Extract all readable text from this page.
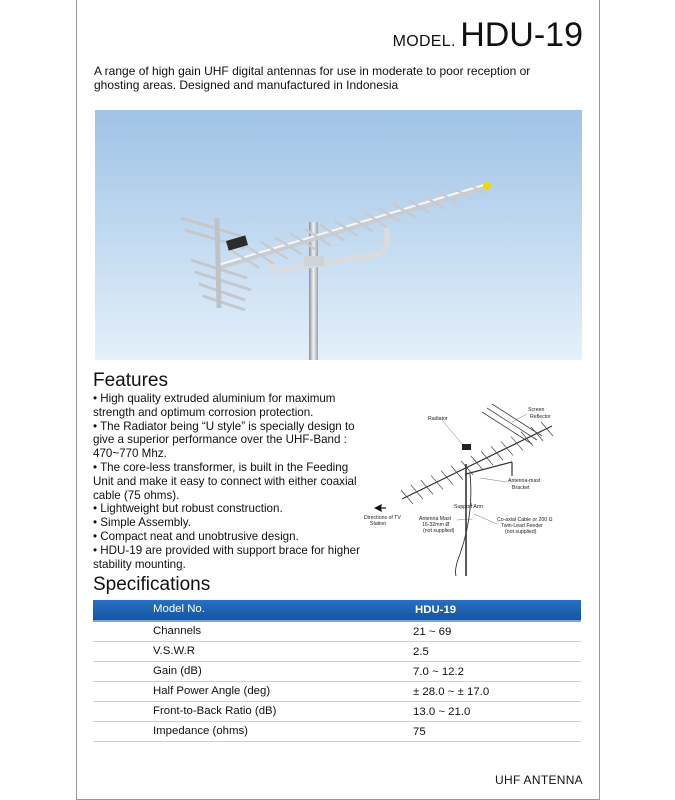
MODEL. HDU-19
A range of high gain UHF digital antennas for use in moderate to poor reception or ghosting areas. Designed and manufactured in Indonesia
Features

• High quality extruded aluminium for maximum strength and optimum corrosion protection.

• The Radiator being “U style” is specially design to give a superior performance over the UHF-Band : 470~770 Mhz.

• The core-less transformer, is built in the Feeding Unit and make it easy to connect with either coaxial cable (75 ohms).

• Lightweight but robust construction.

• Simple Assembly.

• Compact neat and unobtrusive design.

• HDU-19 are provided with support brace for higher stability mounting.

Radiator
Screen
Reflector
Antenna-mast
Bracket
Support Arm
Directions of TV
Station
Antenna Mast
16-32mm Ø
(not supplied)
Co-axial Cable or 200 Ω
Twin-Lead Feeder
(not supplied)
Specifications
Model No.	HDU-19
Channels	21 ~ 69
V.S.W.R	2.5
Gain (dB)	7.0 ~ 12.2
Half Power Angle (deg)	± 28.0 ~ ± 17.0
Front-to-Back Ratio (dB)	13.0 ~ 21.0
Impedance (ohms)	75
UHF ANTENNA
